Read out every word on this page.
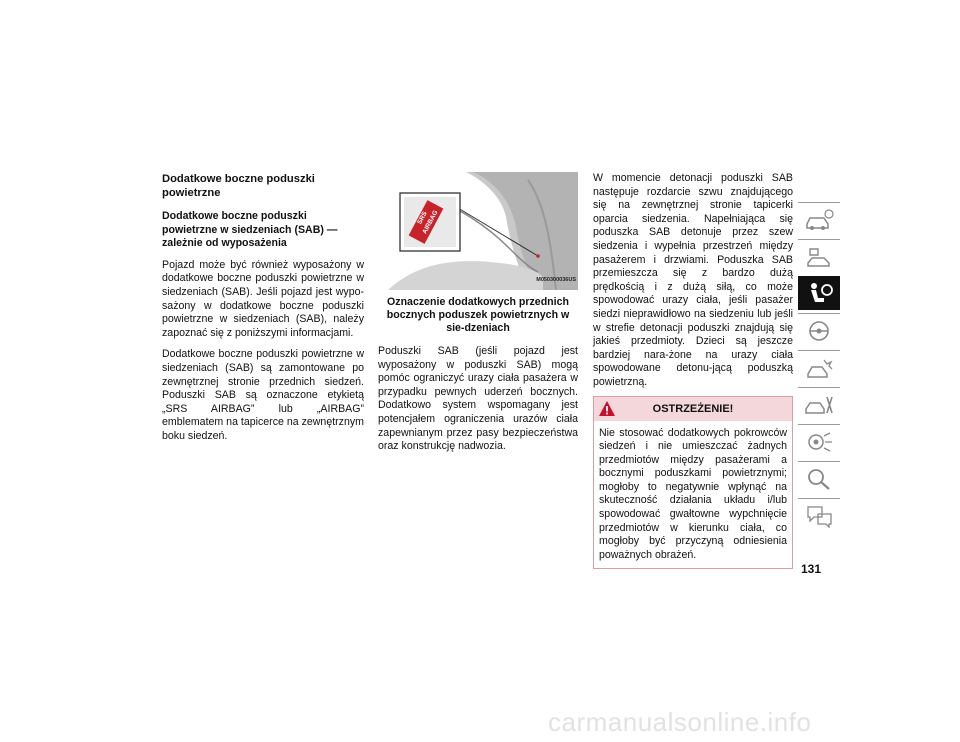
Dodatkowe boczne poduszki powietrzne

Dodatkowe boczne poduszki powietrzne w siedzeniach (SAB) — zależnie od wyposażenia

Pojazd może być również wyposażony w dodatkowe boczne poduszki powietrzne w siedzeniach (SAB). Jeśli pojazd jest wypo-sażony w dodatkowe boczne poduszki powietrzne w siedzeniach (SAB), należy zapoznać się z poniższymi informacjami.

Dodatkowe boczne poduszki powietrzne w siedzeniach (SAB) są zamontowane po zewnętrznej stronie przednich siedzeń. Poduszki SAB są oznaczone etykietą „SRS AIRBAG” lub „AIRBAG” emblematem na tapicerce na zewnętrznym boku siedzeń.

SRS AIRBAG
M050300036US

Oznaczenie dodatkowych przednich bocznych poduszek powietrznych w sie-dzeniach

Poduszki SAB (jeśli pojazd jest wyposażony w poduszki SAB) mogą pomóc ograniczyć urazy ciała pasażera w przypadku pewnych uderzeń bocznych. Dodatkowo system wspomagany jest potencjałem ograniczenia urazów ciała zapewnianym przez pasy bezpieczeństwa oraz konstrukcję nadwozia.

W momencie detonacji poduszki SAB następuje rozdarcie szwu znajdującego się na zewnętrznej stronie tapicerki oparcia siedzenia. Napełniająca się poduszka SAB detonuje przez szew siedzenia i wypełnia przestrzeń między pasażerem i drzwiami. Poduszka SAB przemieszcza się z bardzo dużą prędkością i z dużą siłą, co może spowodować urazy ciała, jeśli pasażer siedzi nieprawidłowo na siedzeniu lub jeśli w strefie detonacji poduszki znajdują się jakieś przedmioty. Dzieci są jeszcze bardziej nara-żone na urazy ciała spowodowane detonu-jącą poduszką powietrzną.

OSTRZEŻENIE!

Nie stosować dodatkowych pokrowców siedzeń i nie umieszczać żadnych przedmiotów między pasażerami a bocznymi poduszkami powietrznymi; mogłoby to negatywnie wpłynąć na skuteczność działania układu i/lub spowodować gwałtowne wypchnięcie przedmiotów w kierunku ciała, co mogłoby być przyczyną odniesienia poważnych obrażeń.

131
carmanualsonline.info
